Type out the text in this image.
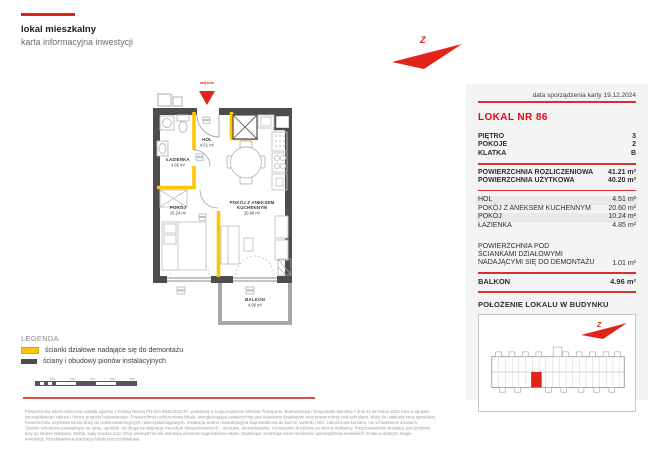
lokal mieszkalny
karta informacyjna inwestycji	Z
wejście
HOL
4.51 m²
ŁAZIENKA
4.85 m²
POKÓJ
10.24 m²
POKÓJ Z ANEKSEM
KUCHENNYM
20.60 m²
BALKON
4.96 m²
LEGENDA
ścianki działowe nadające się do demontażu
ściany i obudowy pionów instalacyjnych
1m	2m	3m	4m	5m
Powierzchnia lokalu obliczona została zgodnie z Polską Normą PN-ISO 9836:2022-07, powołaną w rozporządzeniu Ministra Transportu, Budownictwa i Gospodarki Morskiej z dnia 11 września 2020 roku w sprawie
szczegółowego zakresu i formy projektu budowlanego. Powierzchnia rozliczeniowa lokalu, uwzględniająca powierzchnię pod ściankami działowymi oraz powierzchnię pod schodami, służy do ustalenia ceny sprzedaży.
Powierzchnia użytkowa lokalu służy do celów ewidencyjnych i wieczystoksięgowych. Instalacja wodna i kanalizacyjna doprowadzona do kuchni, łazienki i WC, zakończona korkami, nie schowana w ścianach.
Stopnie schodowe prowadzące na taras, ogródek, na drugą kondygnację mieszkań dwupoziomowych – ażurowe, demontowalne, rozwiązanie docelowe po stronie Nabywcy. Rozprowadzenie instalacji pod przybory
leży po stronie Nabywcy. Meble, biały montaż oraz drzwi wewnętrzne nie stanowią elementu wyposażenia lokalu. Deweloper zastrzega sobie możliwość wprowadzenia niewielkich zmian w dalszym etapie
inwestycji. Przedstawiona aranżacja lokalu jest przykładowa.
data sporządzenia karty 19.12.2024
LOKAL NR 86
PIĘTRO	3
POKOJE	2
KLATKA	B
POWIERZCHNIA ROZLICZENIOWA 41.21 m²
POWIERZCHNIA UŻYTKOWA	40.20 m²
HOL	4.51 m²
POKÓJ Z ANEKSEM KUCHENNYM	20.60 m²
POKÓJ	10.24 m²
ŁAZIENKA	4.85 m²
POWIERZCHNIA POD
ŚCIANKAMI DZIAŁOWYMI
NADAJĄCYMI SIĘ DO DEMONTAŻU	1.01 m²
BALKON	4.96 m²
POŁOŻENIE LOKALU W BUDYNKU
Z
